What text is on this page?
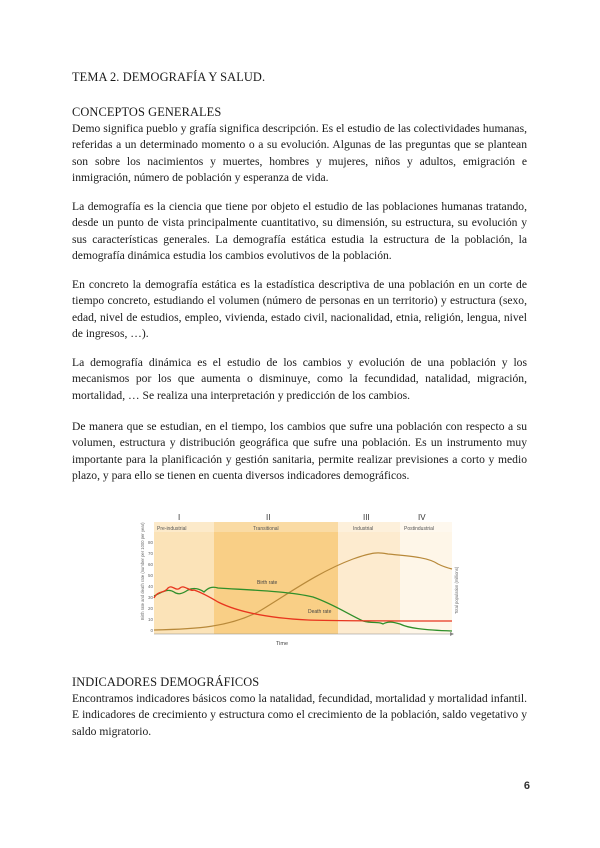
TEMA 2. DEMOGRAFÍA Y SALUD.
CONCEPTOS GENERALES

Demo significa pueblo y grafía significa descripción. Es el estudio de las colectividades humanas, referidas a un determinado momento o a su evolución. Algunas de las preguntas que se plantean son sobre los nacimientos y muertes, hombres y mujeres, niños y adultos, emigración e inmigración, número de población y esperanza de vida.

La demografía es la ciencia que tiene por objeto el estudio de las poblaciones humanas tratando, desde un punto de vista principalmente cuantitativo, su dimensión, su estructura, su evolución y sus características generales. La demografía estática estudia la estructura de la población, la demografía dinámica estudia los cambios evolutivos de la población.

En concreto la demografía estática es la estadística descriptiva de una población en un corte de tiempo concreto, estudiando el volumen (número de personas en un territorio) y estructura (sexo, edad, nivel de estudios, empleo, vivienda, estado civil, nacionalidad, etnia, religión, lengua, nivel de ingresos, …).

La demografía dinámica es el estudio de los cambios y evolución de una población y los mecanismos por los que aumenta o disminuye, como la fecundidad, natalidad, migración, mortalidad, … Se realiza una interpretación y predicción de los cambios.

De manera que se estudian, en el tiempo, los cambios que sufre una población con respecto a su volumen, estructura y distribución geográfica que sufre una población. Es un instrumento muy importante para la planificación y gestión sanitaria, permite realizar previsiones a corto y medio plazo, y para ello se tienen en cuenta diversos indicadores demográficos.

I	II	III	IV
Pre-industrial	Transitional	Industrial	Postindustrial
80
70
60
50
40
30
20
10
0
Birth rate and death rate (number per 1000 per year)	Total population (millions)
Birth rate
Death rate
Time
INDICADORES DEMOGRÁFICOS

Encontramos indicadores básicos como la natalidad, fecundidad, mortalidad y mortalidad infantil. E indicadores de crecimiento y estructura como el crecimiento de la población, saldo vegetativo y saldo migratorio.

6
